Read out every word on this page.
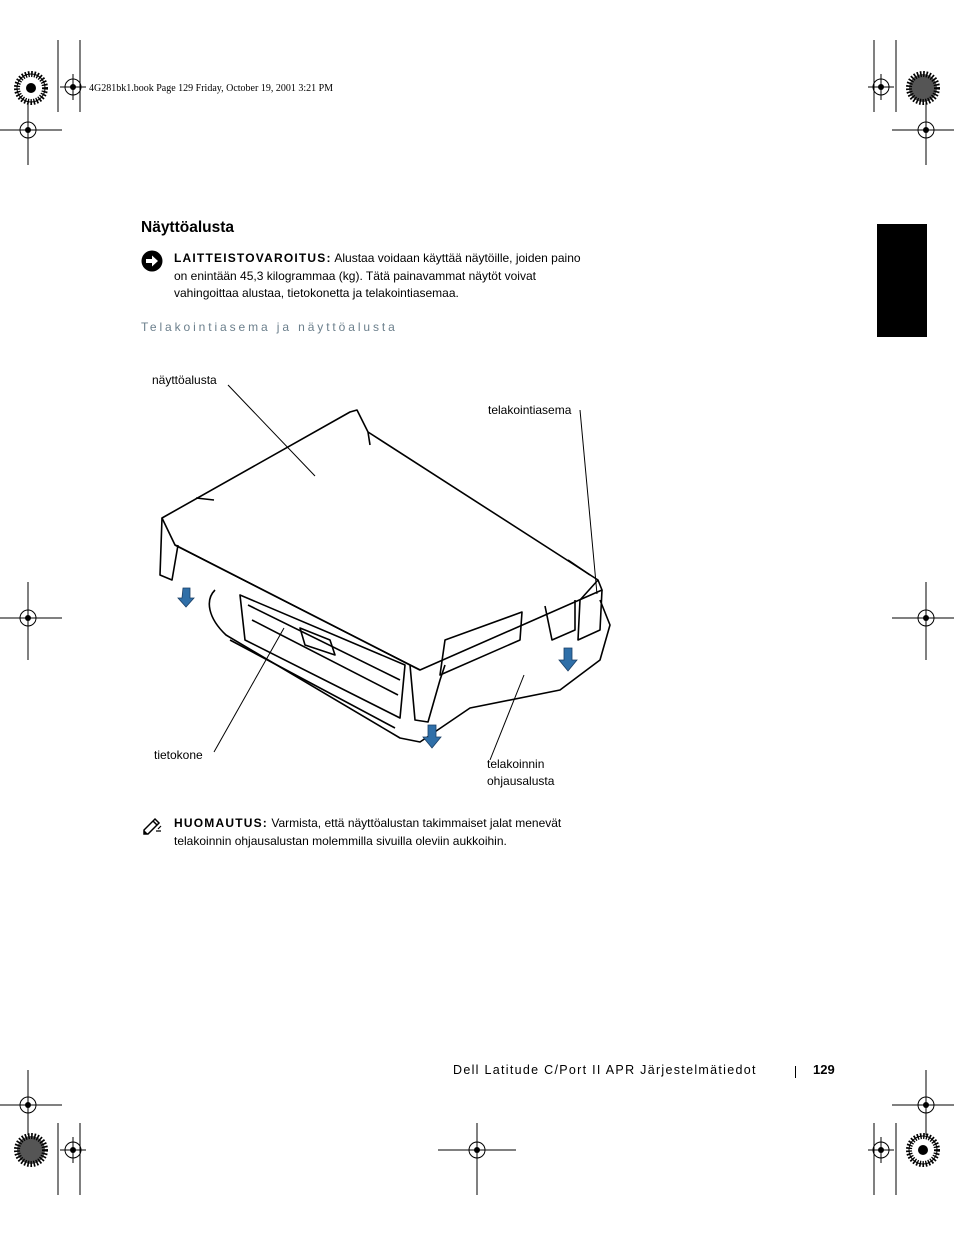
4G281bk1.book Page 129 Friday, October 19, 2001 3:21 PM
Näyttöalusta
LAITTEISTOVAROITUS: Alustaa voidaan käyttää näytöille, joiden paino
on enintään 45,3 kilogrammaa (kg). Tätä painavammat näytöt voivat
vahingoittaa alustaa, tietokonetta ja telakointiasemaa.
Telakointiasema ja näyttöalusta
näyttöalusta
telakointiasema
tietokone
telakoinnin
ohjausalusta
HUOMAUTUS: Varmista, että näyttöalustan takimmaiset jalat menevät
telakoinnin ohjausalustan molemmilla sivuilla oleviin aukkoihin.
Dell Latitude C/Port II APR Järjestelmätiedot	129
